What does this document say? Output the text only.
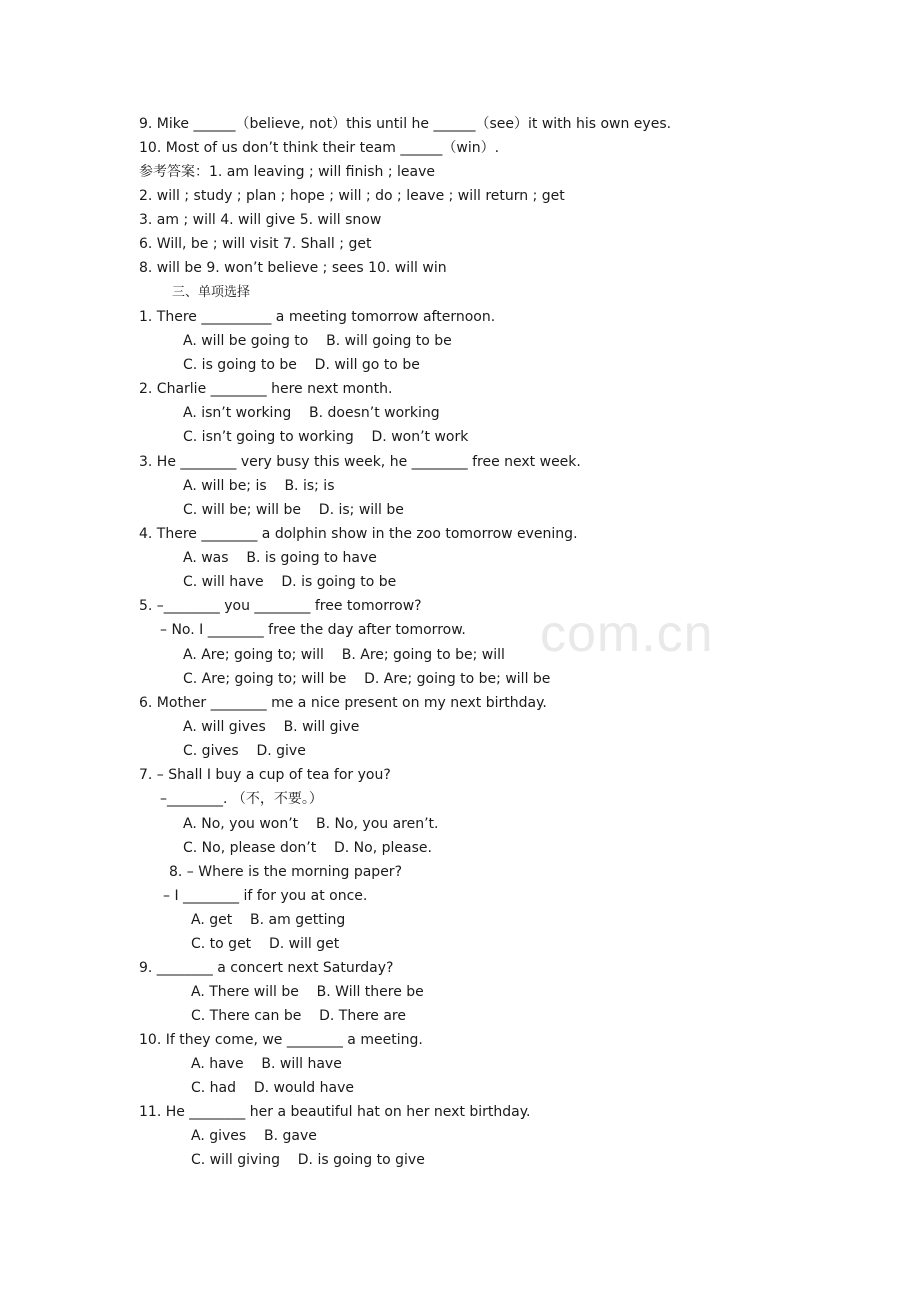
com.cn
9. Mike ______（believe, not）this until he ______（see）it with his own eyes.
10. Most of us don’t think their team ______（win）.
参考答案：1. am leaving ; will finish ; leave
2. will ; study ; plan ; hope ; will ; do ; leave ; will return ; get
3. am ; will 4. will give 5. will snow
6. Will, be ; will visit 7. Shall ; get
8. will be 9. won’t believe ; sees 10. will win
三、单项选择
1. There __________ a meeting tomorrow afternoon.
A. will be going to    B. will going to be
C. is going to be    D. will go to be
2. Charlie ________ here next month.
A. isn’t working    B. doesn’t working
C. isn’t going to working    D. won’t work
3. He ________ very busy this week, he ________ free next week.
A. will be; is    B. is; is
C. will be; will be    D. is; will be
4. There ________ a dolphin show in the zoo tomorrow evening.
A. was    B. is going to have
C. will have    D. is going to be
5. –________ you ________ free tomorrow?
– No. I ________ free the day after tomorrow.
A. Are; going to; will    B. Are; going to be; will
C. Are; going to; will be    D. Are; going to be; will be
6. Mother ________ me a nice present on my next birthday.
A. will gives    B. will give
C. gives    D. give
7. – Shall I buy a cup of tea for you?
–________. （不，不要。）
A. No, you won’t    B. No, you aren’t.
C. No, please don’t    D. No, please.
8. – Where is the morning paper?
– I ________ if for you at once.
A. get    B. am getting
C. to get    D. will get
9. ________ a concert next Saturday?
A. There will be    B. Will there be
C. There can be    D. There are
10. If they come, we ________ a meeting.
A. have    B. will have
C. had    D. would have
11. He ________ her a beautiful hat on her next birthday.
A. gives    B. gave
C. will giving    D. is going to give
